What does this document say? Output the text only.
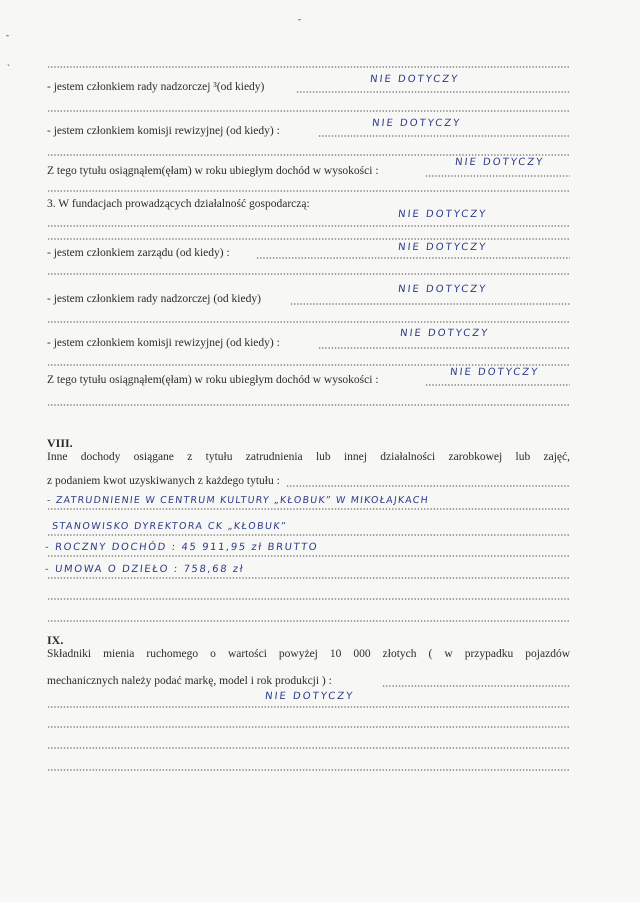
-
ˎ
-
- jestem członkiem rady nadzorczej ³(od kiedy)
NIE DOTYCZY
- jestem członkiem komisji rewizyjnej (od kiedy) :
NIE DOTYCZY
Z tego tytułu osiągnąłem(ęłam) w roku ubiegłym dochód w wysokości :
NIE DOTYCZY
3. W fundacjach prowadzących działalność gospodarczą:
NIE DOTYCZY
- jestem członkiem zarządu (od kiedy) :	NIE DOTYCZY
- jestem członkiem rady nadzorczej (od kiedy)
NIE DOTYCZY
- jestem członkiem komisji rewizyjnej (od kiedy) :
NIE DOTYCZY
Z tego tytułu osiągnąłem(ęłam) w roku ubiegłym dochód w wysokości :
NIE DOTYCZY
VIII.
Inne dochody osiągane z tytułu zatrudnienia lub innej działalności zarobkowej lub zajęć,
z podaniem kwot uzyskiwanych z każdego tytułu :
- ZATRUDNIENIE W CENTRUM KULTURY „KŁOBUK” W MIKOŁAJKACH
STANOWISKO DYREKTORA CK „KŁOBUK”
- ROCZNY DOCHÓD : 45 911,95 zł BRUTTO
- UMOWA O DZIEŁO : 758,68 zł
IX.
Składniki mienia ruchomego o wartości powyżej 10 000 złotych ( w przypadku pojazdów
mechanicznych należy podać markę, model i rok produkcji ) :
NIE DOTYCZY
